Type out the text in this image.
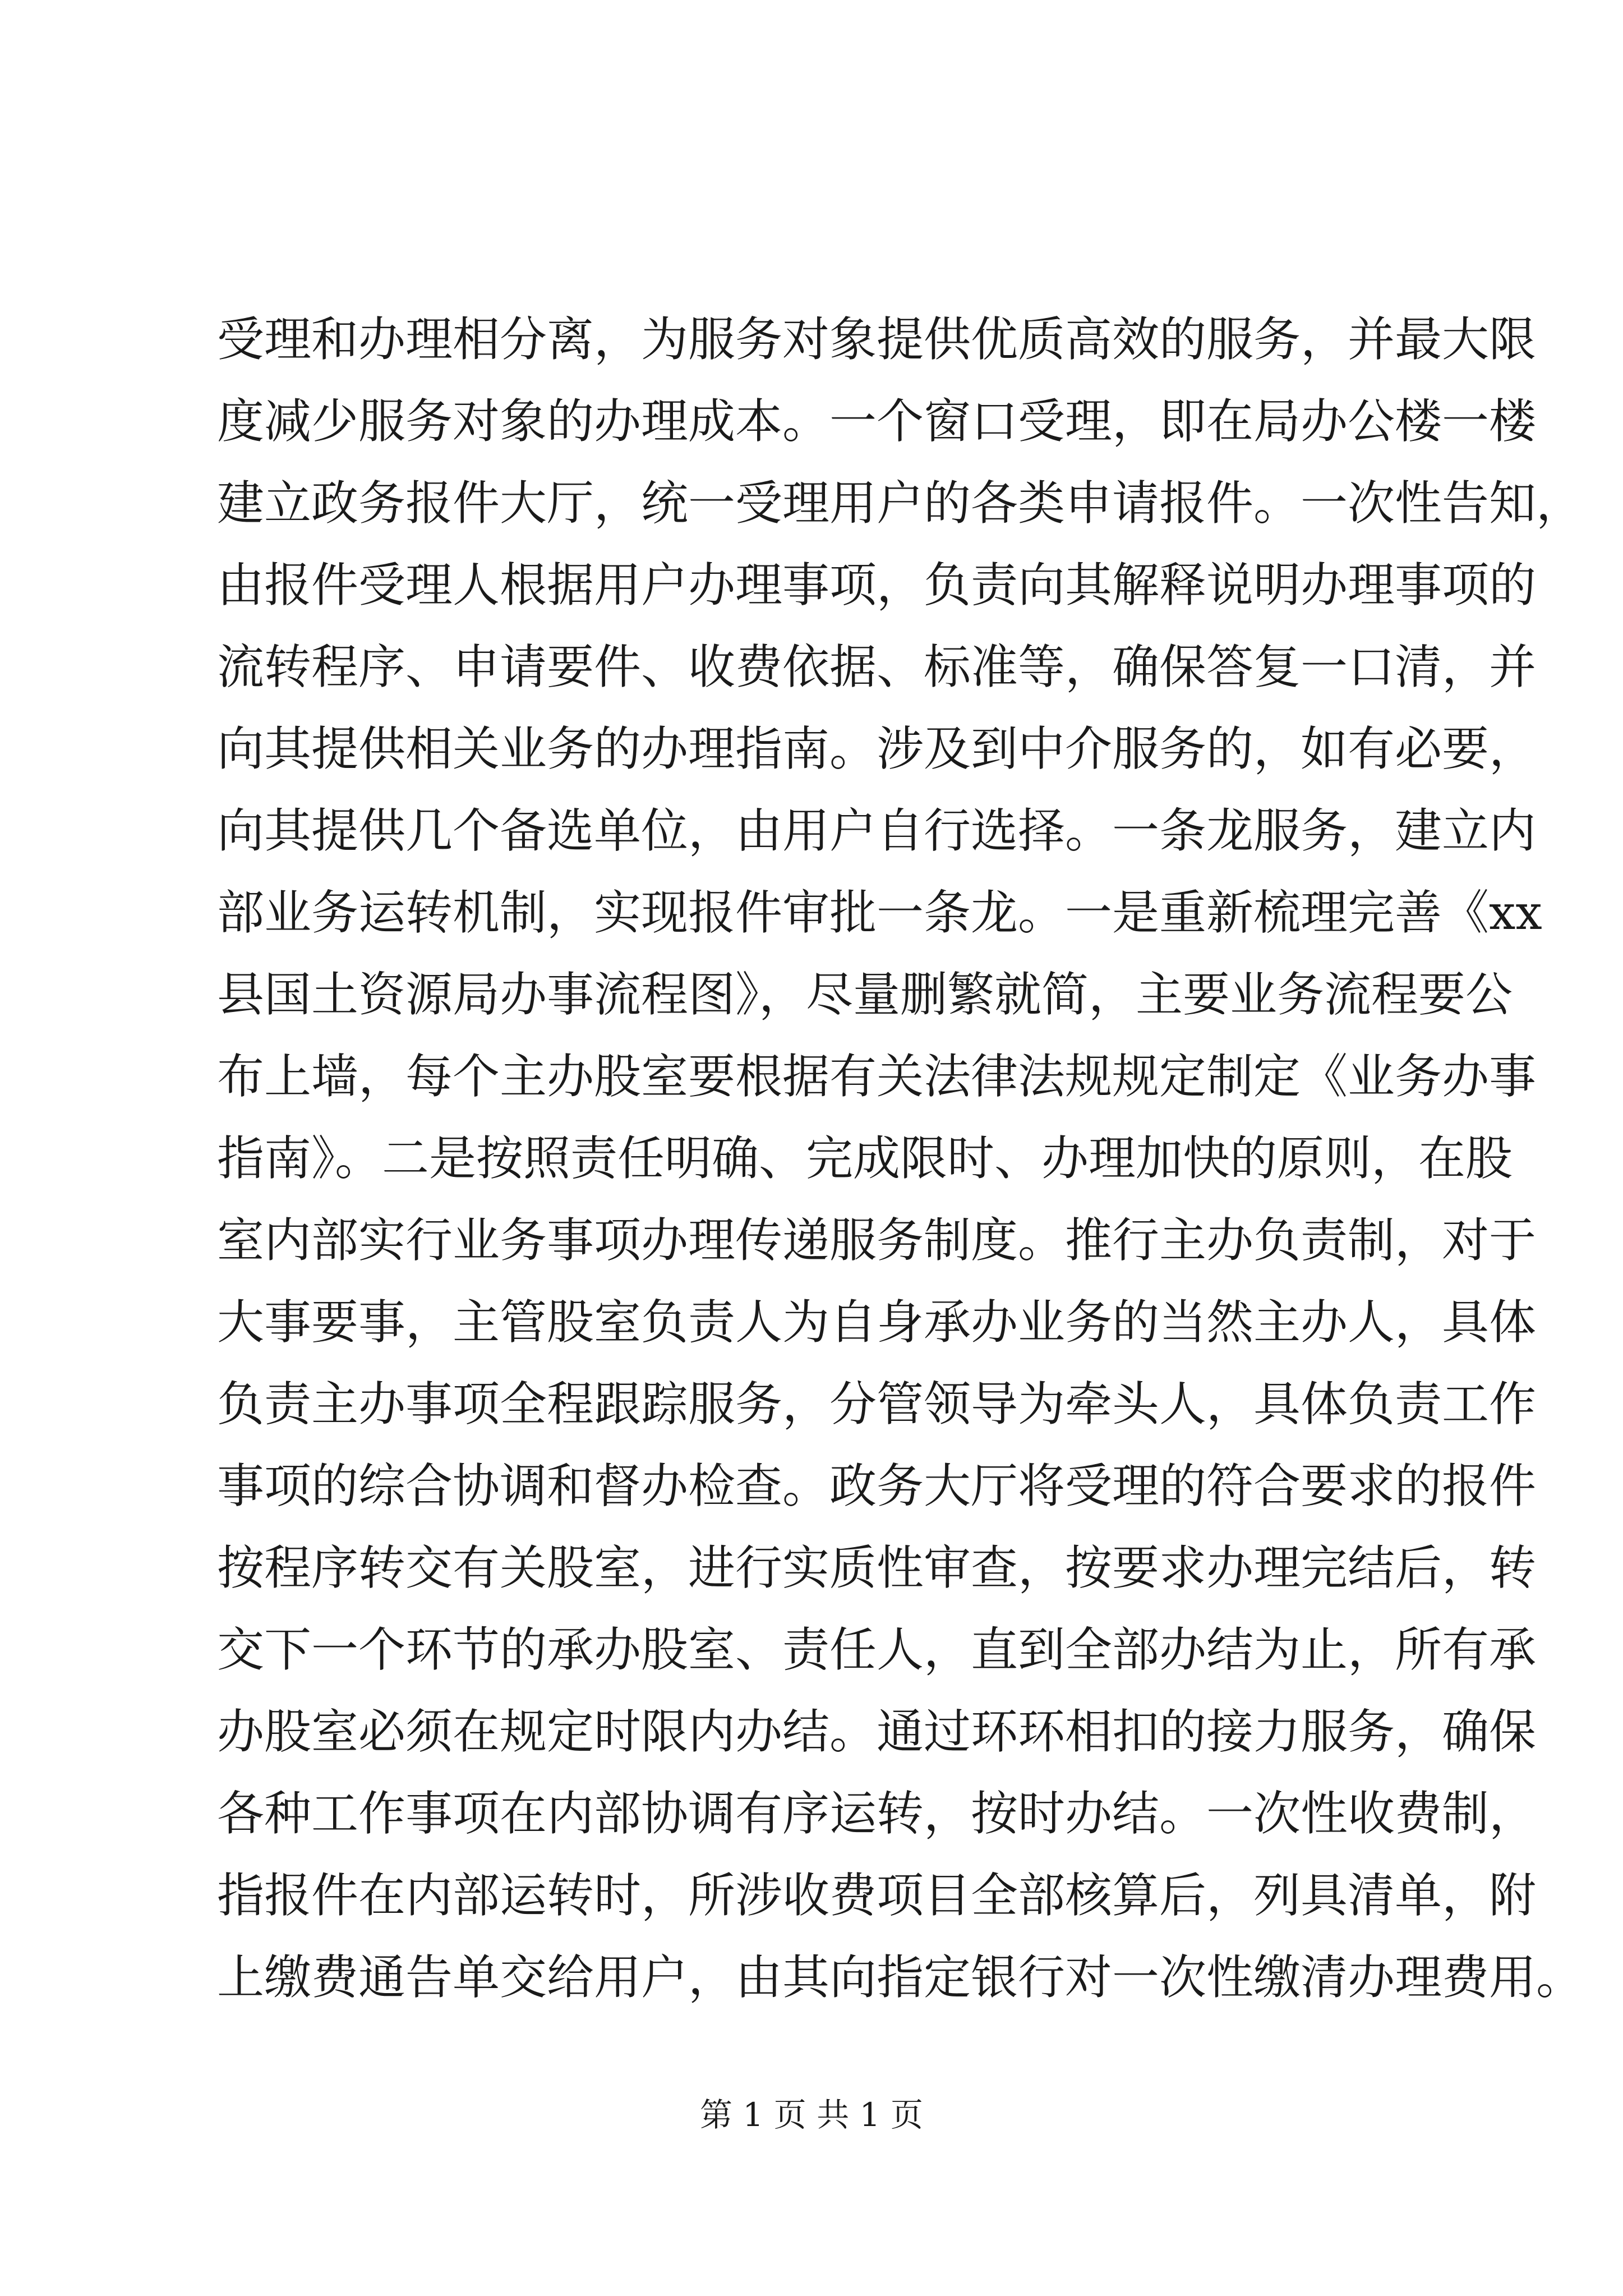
受理和办理相分离，为服务对象提供优质高效的服务，并最大限
度减少服务对象的办理成本。一个窗口受理，即在局办公楼一楼
建立政务报件大厅，统一受理用户的各类申请报件。一次性告知，
由报件受理人根据用户办理事项，负责向其解释说明办理事项的
流转程序、申请要件、收费依据、标准等，确保答复一口清，并
向其提供相关业务的办理指南。涉及到中介服务的，如有必要，
向其提供几个备选单位，由用户自行选择。一条龙服务，建立内
部业务运转机制，实现报件审批一条龙。一是重新梳理完善《xx
县国土资源局办事流程图》，尽量删繁就简，主要业务流程要公
布上墙，每个主办股室要根据有关法律法规规定制定《业务办事
指南》。二是按照责任明确、完成限时、办理加快的原则，在股
室内部实行业务事项办理传递服务制度。推行主办负责制，对于
大事要事，主管股室负责人为自身承办业务的当然主办人，具体
负责主办事项全程跟踪服务，分管领导为牵头人，具体负责工作
事项的综合协调和督办检查。政务大厅将受理的符合要求的报件
按程序转交有关股室，进行实质性审查，按要求办理完结后，转
交下一个环节的承办股室、责任人，直到全部办结为止，所有承
办股室必须在规定时限内办结。通过环环相扣的接力服务，确保
各种工作事项在内部协调有序运转，按时办结。一次性收费制，
指报件在内部运转时，所涉收费项目全部核算后，列具清单，附
上缴费通告单交给用户，由其向指定银行对一次性缴清办理费用。
第 1 页 共 1 页
